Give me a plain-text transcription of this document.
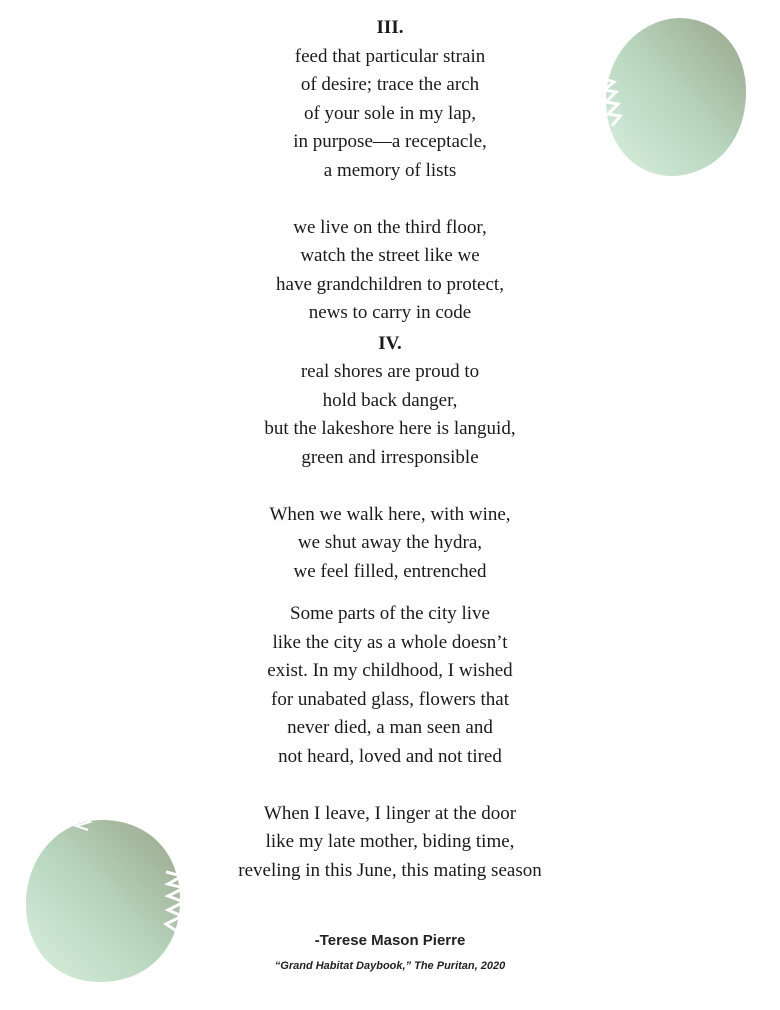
III.
feed that particular strain
of desire; trace the arch
of your sole in my lap,
in purpose—a receptacle,
a memory of lists
we live on the third floor,
watch the street like we
have grandchildren to protect,
news to carry in code
IV.
real shores are proud to
hold back danger,
but the lakeshore here is languid,
green and irresponsible
When we walk here, with wine,
we shut away the hydra,
we feel filled, entrenched
Some parts of the city live
like the city as a whole doesn’t
exist. In my childhood, I wished
for unabated glass, flowers that
never died, a man seen and
not heard, loved and not tired
When I leave, I linger at the door
like my late mother, biding time,
reveling in this June, this mating season
-Terese Mason Pierre
“Grand Habitat Daybook,” The Puritan, 2020
